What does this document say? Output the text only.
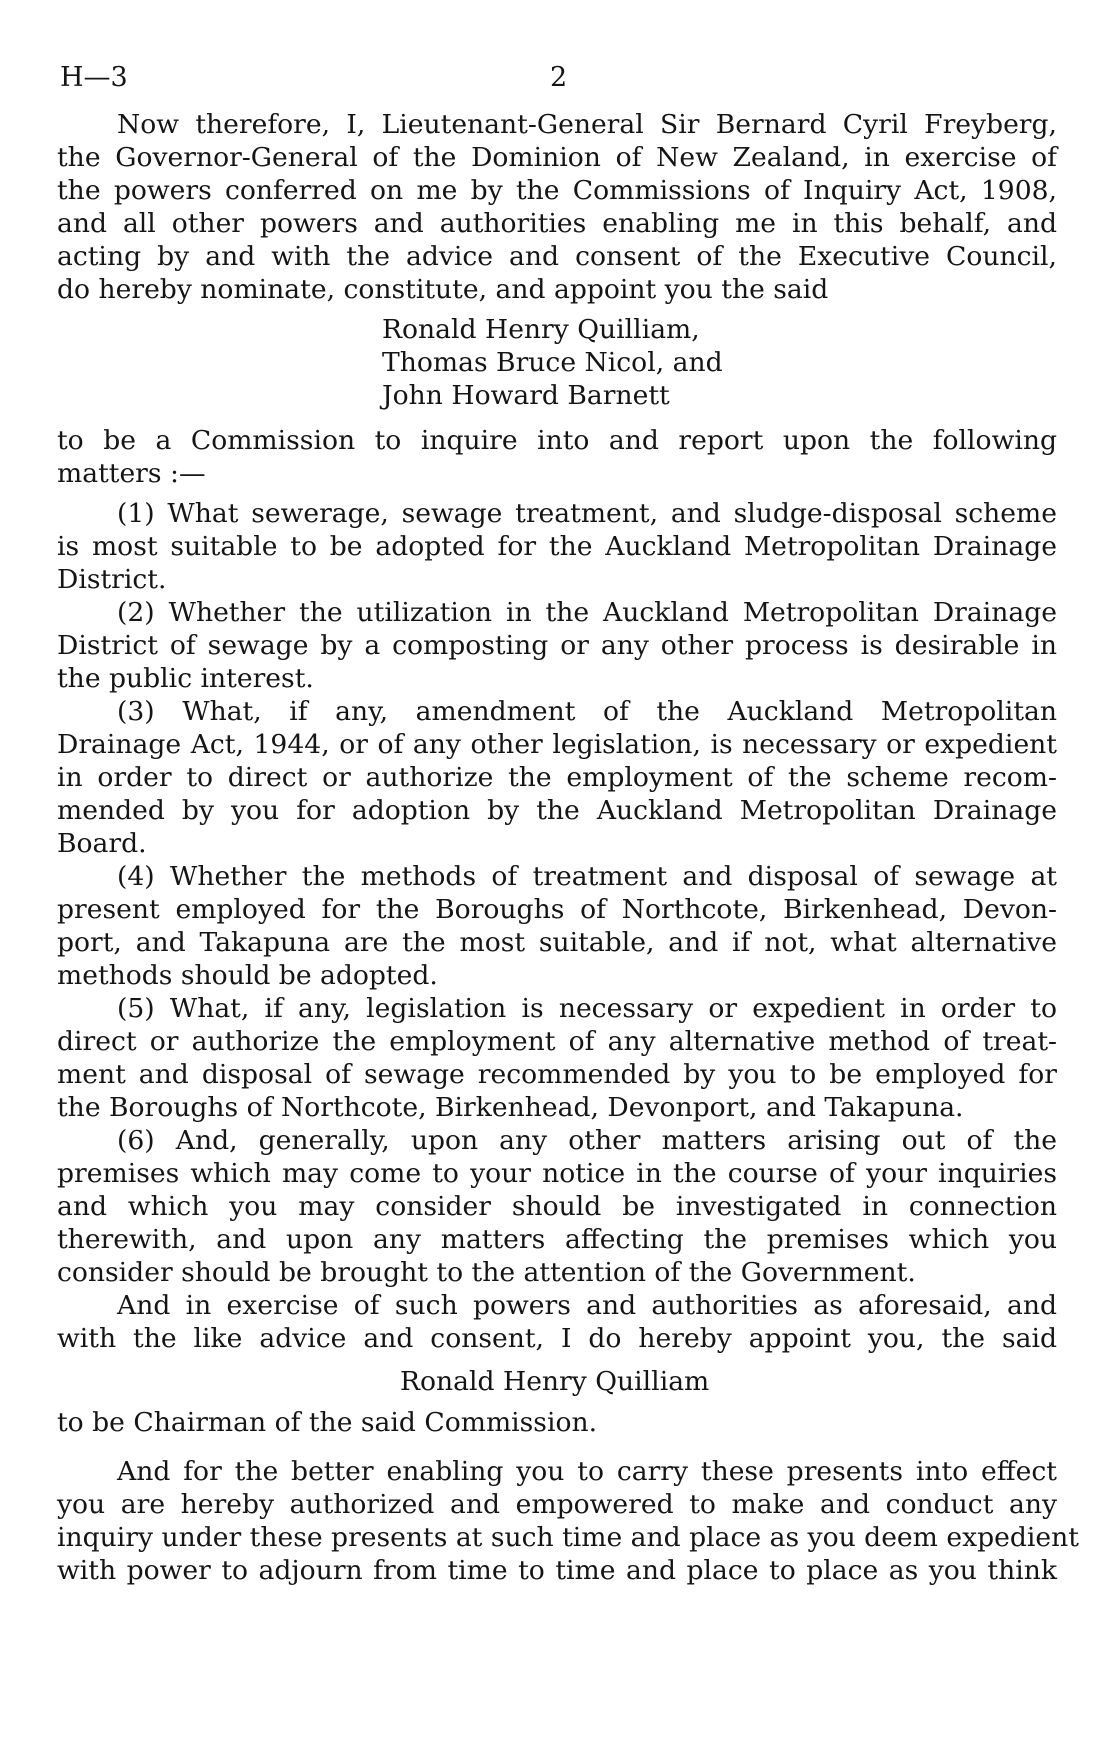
H—3	2

Now therefore, I, Lieutenant-General Sir Bernard Cyril Freyberg,
the Governor-General of the Dominion of New Zealand, in exercise of
the powers conferred on me by the Commissions of Inquiry Act, 1908,
and all other powers and authorities enabling me in this behalf, and
acting by and with the advice and consent of the Executive Council,
do hereby nominate, constitute, and appoint you the said

Ronald Henry Quilliam,
Thomas Bruce Nicol, and
John Howard Barnett

to be a Commission to inquire into and report upon the following
matters :—

(1) What sewerage, sewage treatment, and sludge-disposal scheme
is most suitable to be adopted for the Auckland Metropolitan Drainage
District.

(2) Whether the utilization in the Auckland Metropolitan Drainage
District of sewage by a composting or any other process is desirable in
the public interest.

(3) What, if any, amendment of the Auckland Metropolitan
Drainage Act, 1944, or of any other legislation, is necessary or expedient
in order to direct or authorize the employment of the scheme recom-
mended by you for adoption by the Auckland Metropolitan Drainage
Board.

(4) Whether the methods of treatment and disposal of sewage at
present employed for the Boroughs of Northcote, Birkenhead, Devon-
port, and Takapuna are the most suitable, and if not, what alternative
methods should be adopted.

(5) What, if any, legislation is necessary or expedient in order to
direct or authorize the employment of any alternative method of treat-
ment and disposal of sewage recommended by you to be employed for
the Boroughs of Northcote, Birkenhead, Devonport, and Takapuna.

(6) And, generally, upon any other matters arising out of the
premises which may come to your notice in the course of your inquiries
and which you may consider should be investigated in connection
therewith, and upon any matters affecting the premises which you
consider should be brought to the attention of the Government.

And in exercise of such powers and authorities as aforesaid, and
with the like advice and consent, I do hereby appoint you, the said

Ronald Henry Quilliam

to be Chairman of the said Commission.

And for the better enabling you to carry these presents into effect
you are hereby authorized and empowered to make and conduct any
inquiry under these presents at such time and place as you deem expedient
with power to adjourn from time to time and place to place as you think
